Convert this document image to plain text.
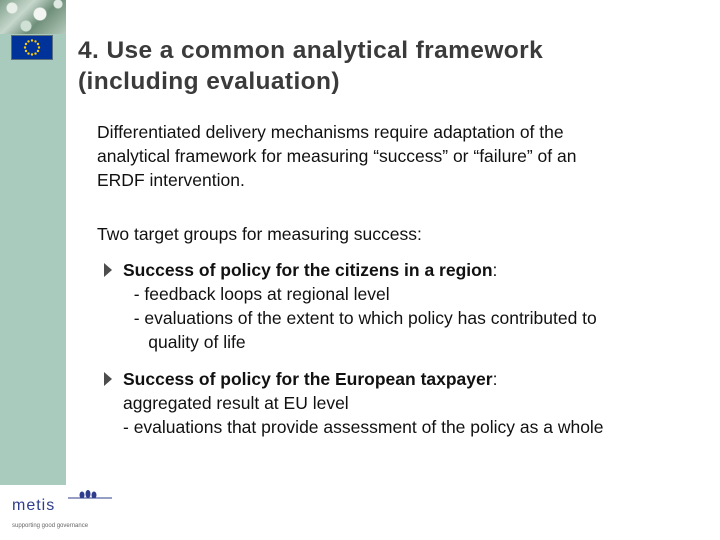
4. Use a common analytical framework
(including evaluation)
Differentiated delivery mechanisms require adaptation of the
analytical framework for measuring “success” or “failure” of an
ERDF intervention.
Two target groups for measuring success:
Success of policy for the citizens in a region :
- feedback loops at regional level
- evaluations of the extent to which policy has contributed to
quality of life
Success of policy for the European taxpayer :
aggregated result at EU level
- evaluations that provide assessment of the policy as a whole
metis
supporting good governance
